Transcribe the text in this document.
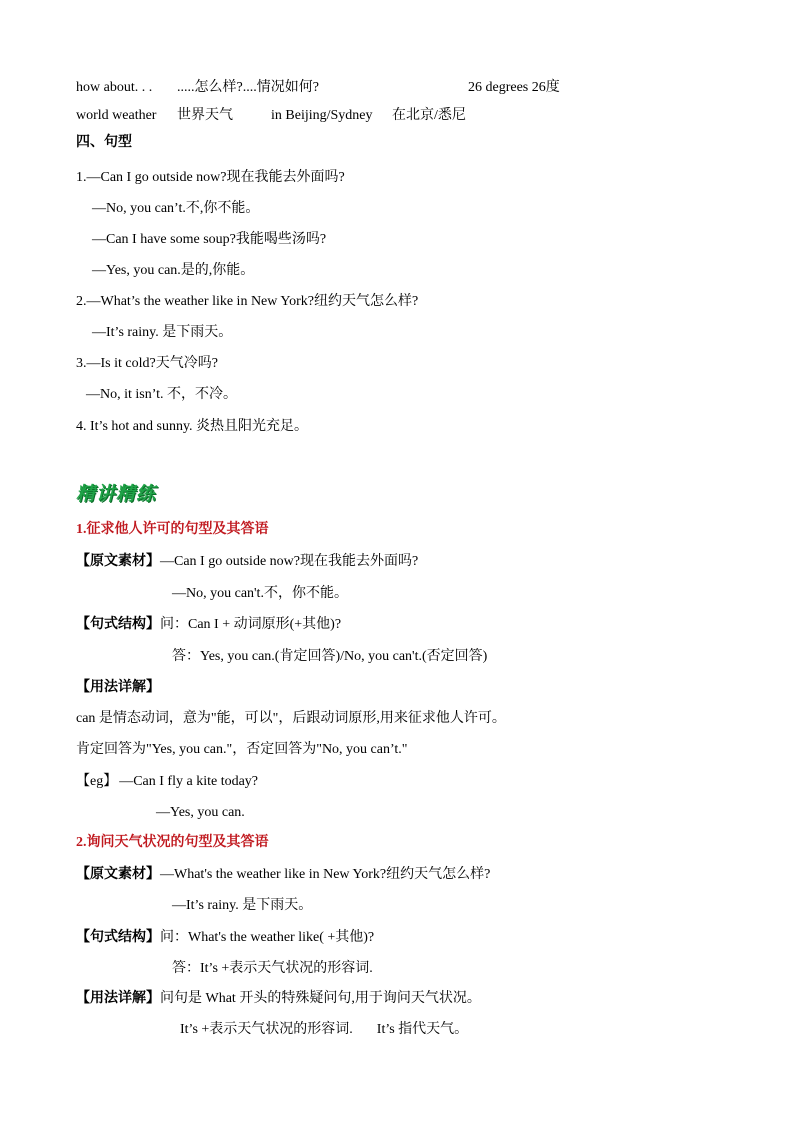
how about. . . .....怎么样?....情况如何?	26 degrees 26度
world weather 世界天气	in Beijing/Sydney 在北京/悉尼
四、句型
1.—Can I go outside now?现在我能去外面吗?
—No, you can’t.不,你不能。
—Can I have some soup?我能喝些汤吗?
—Yes, you can.是的,你能。
2.—What’s the weather like in New York?纽约天气怎么样?
—It’s rainy. 是下雨天。
3.—Is it cold?天气冷吗?
—No, it isn’t. 不，不冷。
4. It’s hot and sunny. 炎热且阳光充足。
精讲精练
1.征求他人许可的句型及其答语
【原文素材】—Can I go outside now?现在我能去外面吗?
—No, you can't.不，你不能。
【句式结构】问：Can I + 动词原形(+其他)?
答：Yes, you can.(肯定回答)/No, you can't.(否定回答)
【用法详解】
can 是情态动词，意为"能，可以"，后跟动词原形,用来征求他人许可。
肯定回答为"Yes, you can."，否定回答为"No, you can’t."
【eg】 —Can I fly a kite today?
—Yes, you can.
2.询问天气状况的句型及其答语
【原文素材】—What's the weather like in New York?纽约天气怎么样?
—It’s rainy. 是下雨天。
【句式结构】问：What's the weather like( +其他)?
答：It’s +表示天气状况的形容词.
【用法详解】问句是 What 开头的特殊疑问句,用于询问天气状况。
It’s +表示天气状况的形容词. It’s 指代天气。
